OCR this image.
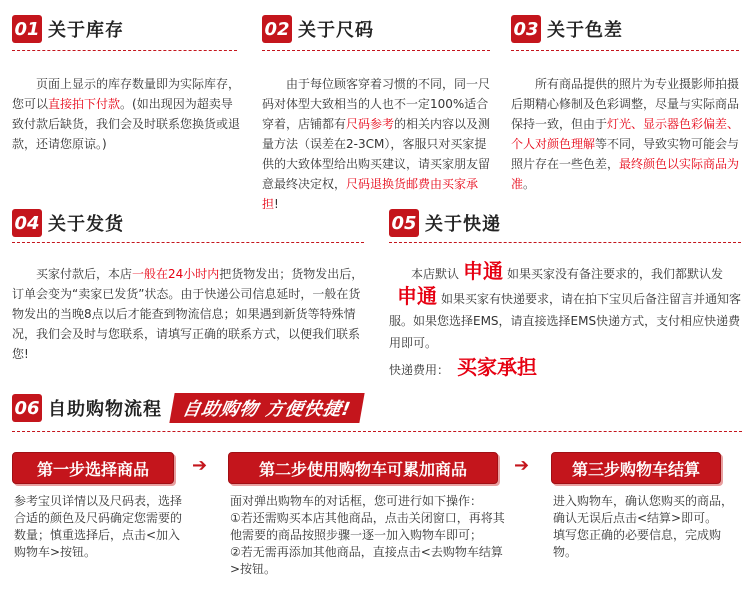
01 关于库存
页面上显示的库存数量即为实际库存，您可以直接拍下付款。(如出现因为超卖导致付款后缺货，我们会及时联系您换货或退款，还请您原谅。)
02 关于尺码
由于每位顾客穿着习惯的不同，同一尺码对体型大致相当的人也不一定100%适合穿着，店铺都有尺码参考的相关内容以及测量方法（误差在2-3CM），客服只对买家提供的大致体型给出购买建议，请买家朋友留意最终决定权，尺码退换货邮费由买家承担!
03 关于色差
所有商品提供的照片为专业摄影师拍摄后期精心修制及色彩调整，尽量与实际商品保持一致，但由于灯光、显示器色彩偏差、个人对颜色理解等不同，导致实物可能会与照片存在一些色差，最终颜色以实际商品为准。
04 关于发货
买家付款后，本店一般在24小时内把货物发出；货物发出后，订单会变为“卖家已发货”状态。由于快递公司信息延时，一般在货物发出的当晚8点以后才能查到物流信息；如果遇到新货等特殊情况，我们会及时与您联系，请填写正确的联系方式，以便我们联系您!
05 关于快递
本店默认 申通 如果买家没有备注要求的，我们都默认发
申通 如果买家有快递要求，请在拍下宝贝后备注留言并通知客服。如果您选择EMS，请直接选择EMS快递方式，支付相应快递费用即可。
快递费用： 买家承担
06 自助购物流程	自助购物 方便快捷!
第一步选择商品	➔	第二步使用购物车可累加商品	➔	第三步购物车结算
参考宝贝详情以及尺码表，选择合适的颜色及尺码确定您需要的数量；慎重选择后，点击<加入购物车>按钮。
面对弹出购物车的对话框，您可进行如下操作：
①若还需购买本店其他商品，点击关闭窗口，再将其他需要的商品按照步骤一逐一加入购物车即可；
②若无需再添加其他商品，直接点击<去购物车结算>按钮。
进入购物车，确认您购买的商品，确认无误后点击<结算>即可。
填写您正确的必要信息，完成购物。
